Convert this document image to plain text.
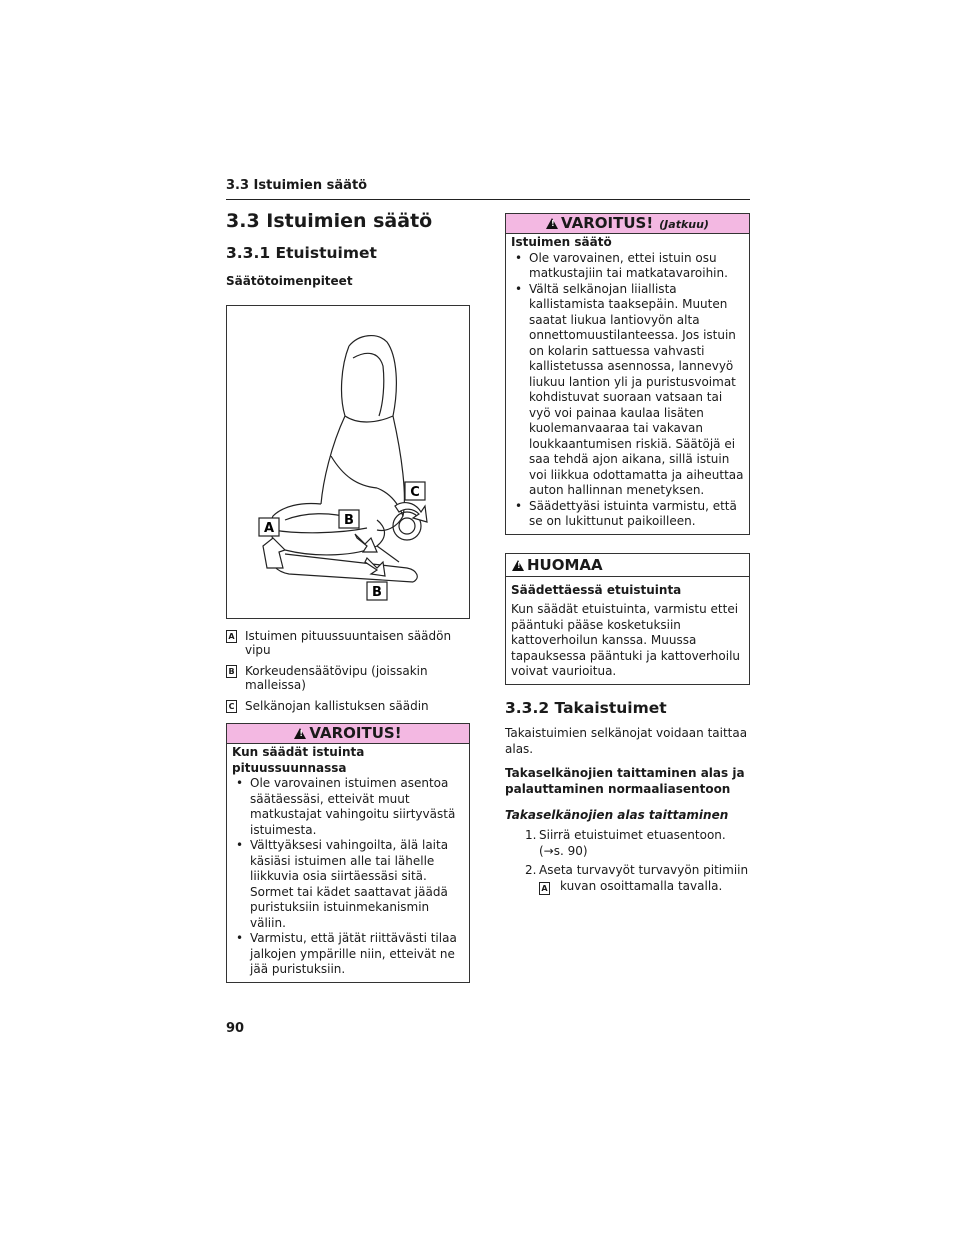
3.3 Istuimien säätö
3.3 Istuimien säätö
3.3.1 Etuistuimet
Säätötoimenpiteet
A
B
C
B
A Istuimen pituussuuntaisen säädön vipu
B Korkeudensäätövipu (joissakin malleissa)
C Selkänojan kallistuksen säädin
! VAROITUS!
Kun säädät istuinta pituussuunnassa
• Ole varovainen istuimen asentoa säätäessäsi, etteivät muut matkustajat vahingoitu siirtyvästä istuimesta.
• Välttyäksesi vahingoilta, älä laita käsiäsi istuimen alle tai lähelle liikkuvia osia siirtäessäsi sitä. Sormet tai kädet saattavat jäädä puristuksiin istuinmekanismin väliin.
• Varmistu, että jätät riittävästi tilaa jalkojen ympärille niin, etteivät ne jää puristuksiin.
! VAROITUS! (Jatkuu)
Istuimen säätö
• Ole varovainen, ettei istuin osu matkustajiin tai matkatavaroihin.
• Vältä selkänojan liiallista kallistamista taaksepäin. Muuten saatat liukua lantiovyön alta onnettomuustilanteessa. Jos istuin on kolarin sattuessa vahvasti kallistetussa asennossa, lannevyö liukuu lantion yli ja puristusvoimat kohdistuvat suoraan vatsaan tai vyö voi painaa kaulaa lisäten kuolemanvaaraa tai vakavan loukkaantumisen riskiä. Säätöjä ei saa tehdä ajon aikana, sillä istuin voi liikkua odottamatta ja aiheuttaa auton hallinnan menetyksen.
• Säädettyäsi istuinta varmistu, että se on lukittunut paikoilleen.
! HUOMAA
Säädettäessä etuistuinta
Kun säädät etuistuinta, varmistu ettei pääntuki pääse kosketuksiin kattoverhoilun kanssa. Muussa tapauksessa pääntuki ja kattoverhoilu voivat vaurioitua.
3.3.2 Takaistuimet
Takaistuimien selkänojat voidaan taittaa alas.
Takaselkänojien taittaminen alas ja palauttaminen normaaliasentoon
Takaselkänojien alas taittaminen
1. Siirrä etuistuimet etuasentoon. (→s. 90)
2. Aseta turvavyöt turvavyön pitimiin
A kuvan osoittamalla tavalla.
90
